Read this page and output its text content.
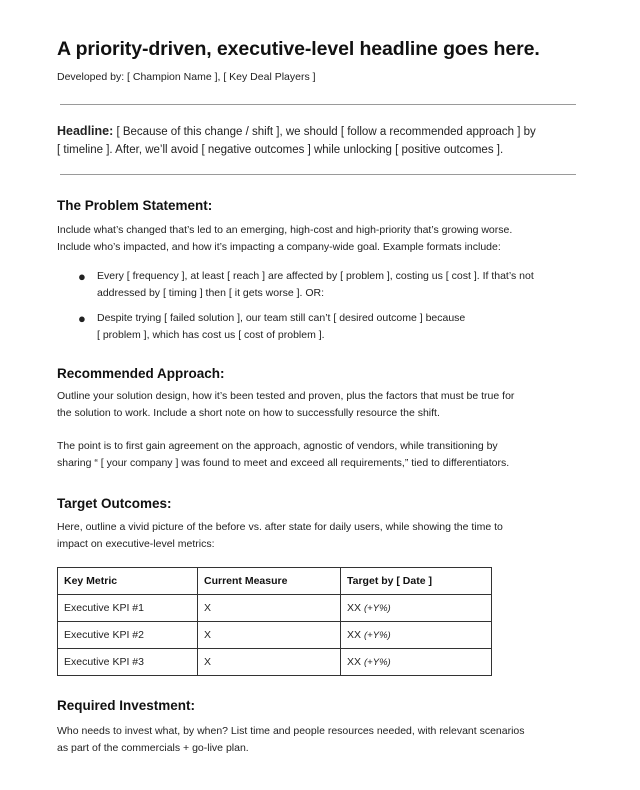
A priority-driven, executive-level headline goes here.
Developed by: [ Champion Name ], [ Key Deal Players ]
Headline: [ Because of this change / shift ], we should [ follow a recommended approach ] by
[ timeline ]. After, we’ll avoid [ negative outcomes ] while unlocking [ positive outcomes ].
The Problem Statement:
Include what’s changed that’s led to an emerging, high-cost and high-priority that’s growing worse.
Include who’s impacted, and how it’s impacting a company-wide goal. Example formats include:
● Every [ frequency ], at least [ reach ] are affected by [ problem ], costing us [ cost ]. If that’s not
addressed by [ timing ] then [ it gets worse ]. OR:
● Despite trying [ failed solution ], our team still can’t [ desired outcome ] because
[ problem ], which has cost us [ cost of problem ].
Recommended Approach:
Outline your solution design, how it’s been tested and proven, plus the factors that must be true for
the solution to work. Include a short note on how to successfully resource the shift.
The point is to first gain agreement on the approach, agnostic of vendors, while transitioning by
sharing “ [ your company ] was found to meet and exceed all requirements,” tied to differentiators.
Target Outcomes:
Here, outline a vivid picture of the before vs. after state for daily users, while showing the time to
impact on executive-level metrics:
Key Metric	Current Measure	Target by [ Date ]
Executive KPI #1	X	XX (+Y%)
Executive KPI #2	X	XX (+Y%)
Executive KPI #3	X	XX (+Y%)
Required Investment:
Who needs to invest what, by when? List time and people resources needed, with relevant scenarios
as part of the commercials + go-live plan.
